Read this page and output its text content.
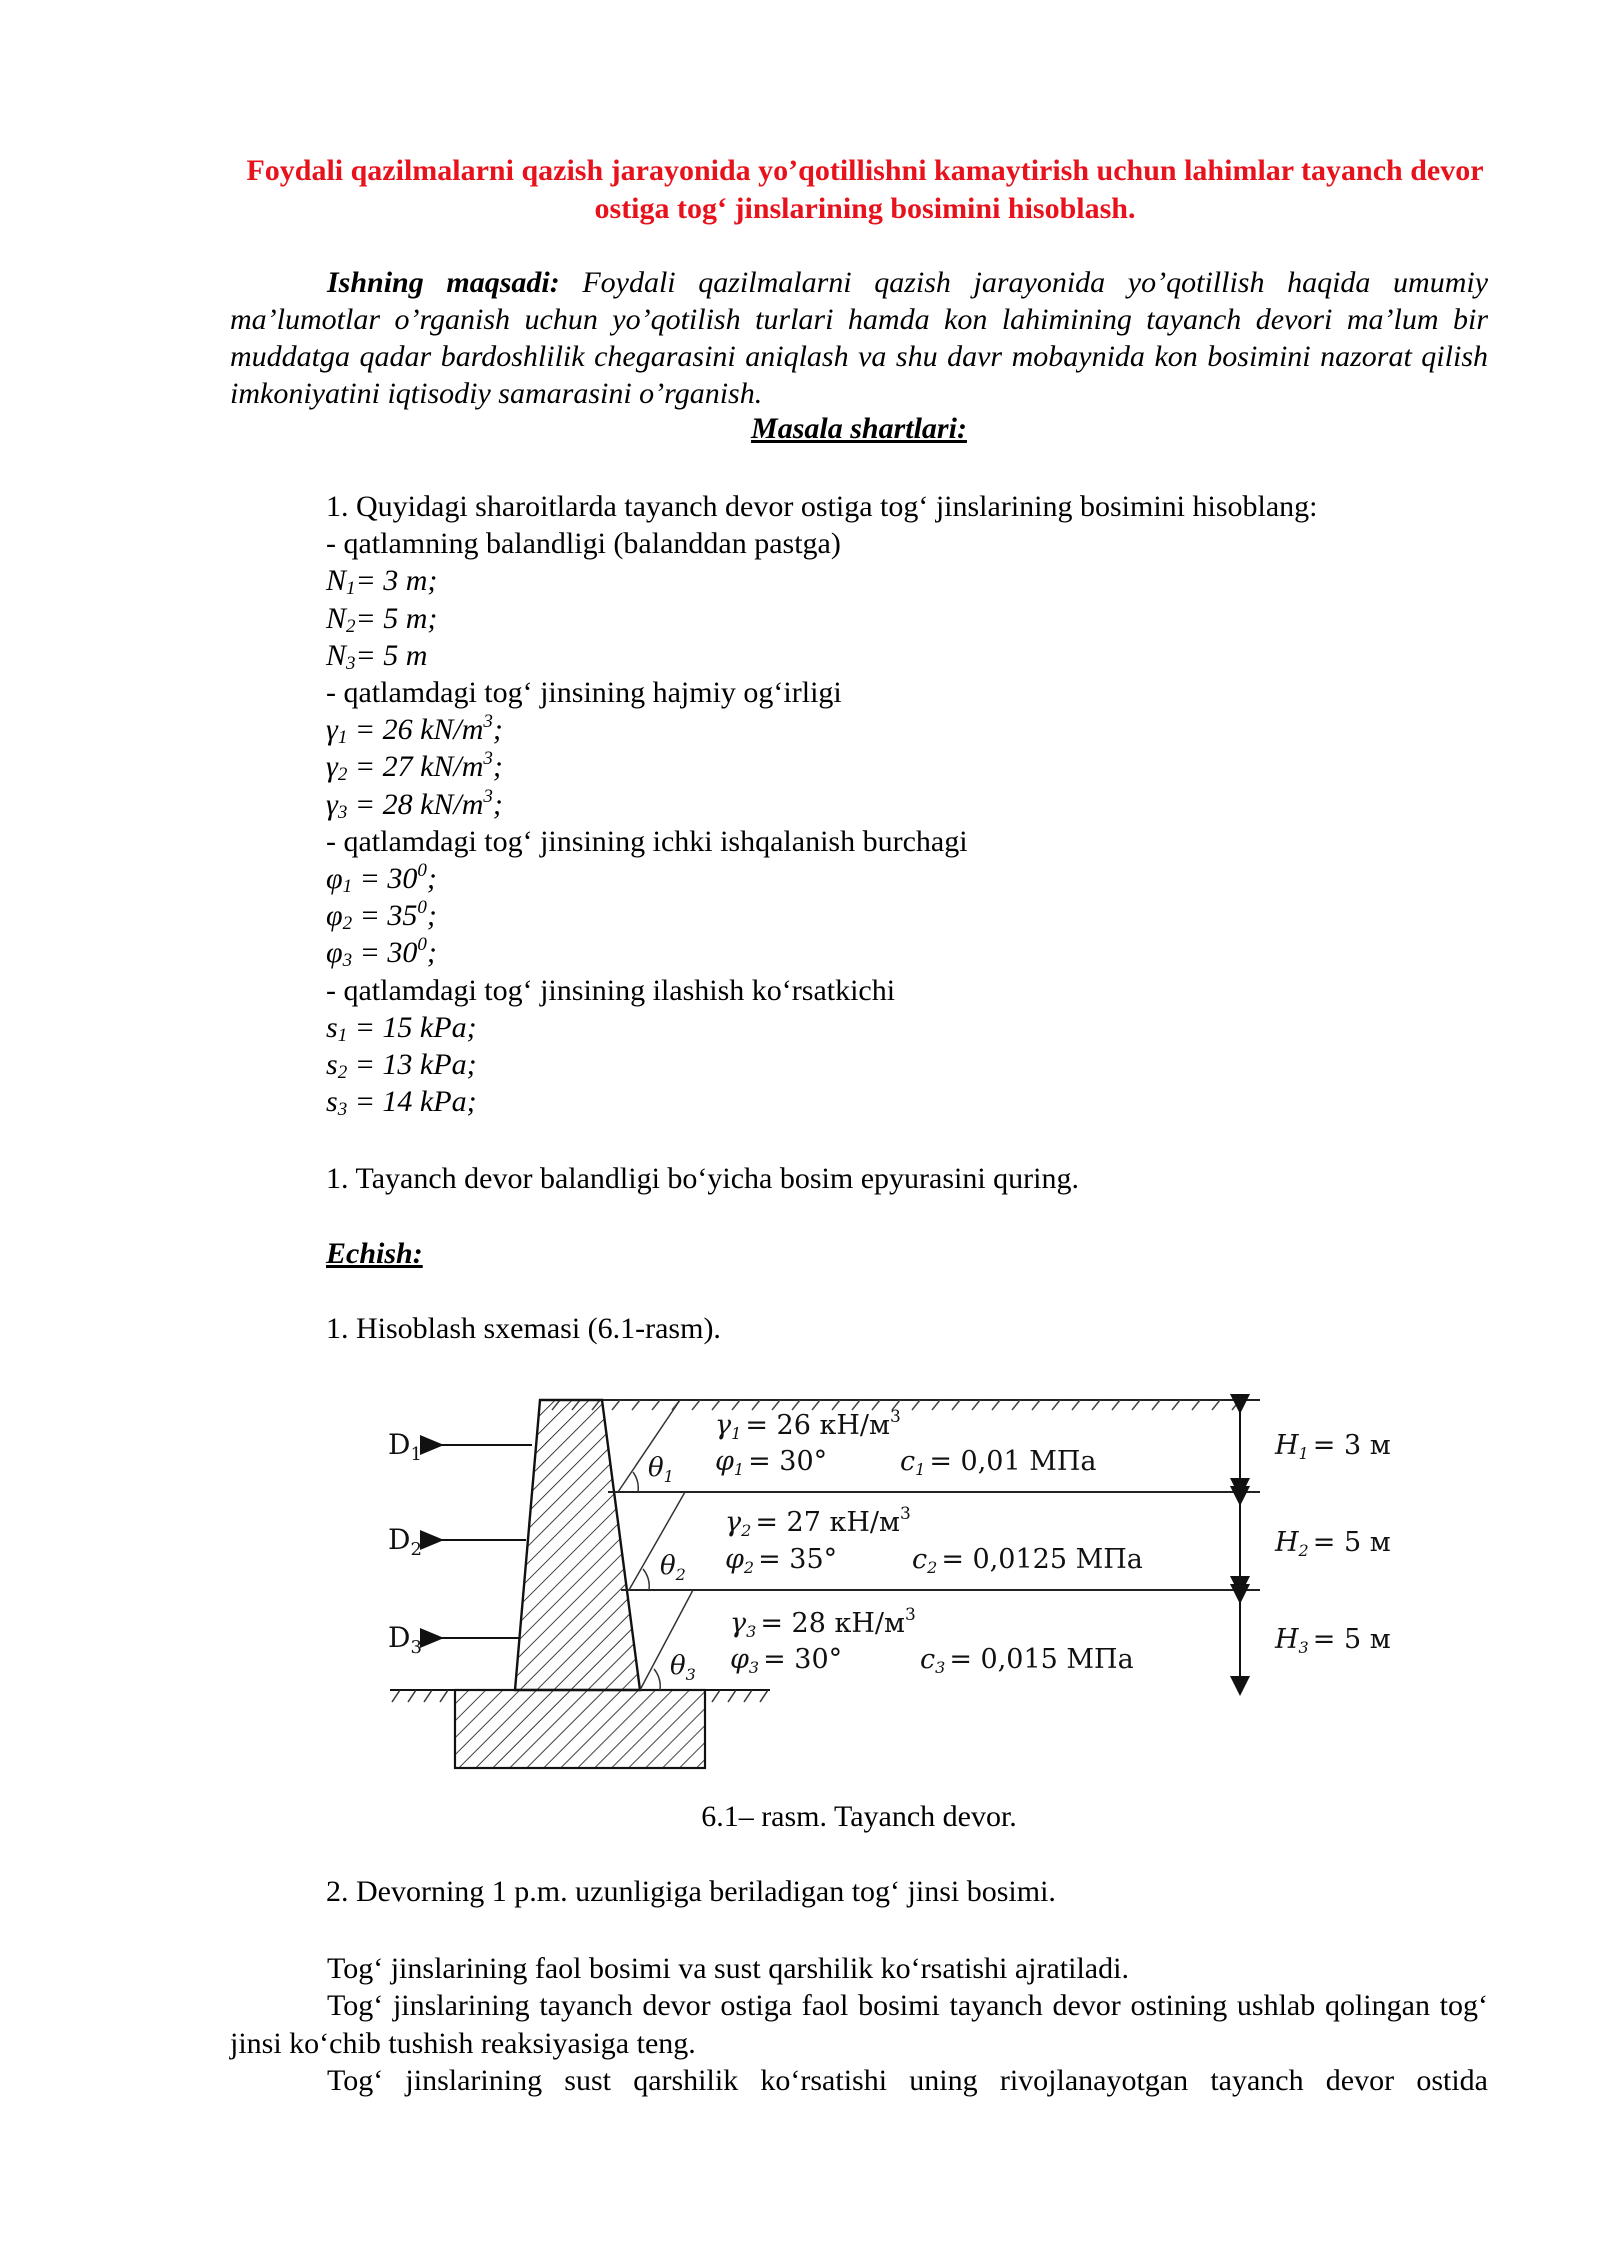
Foydali qazilmalarni qazish jarayonida yo’qotillishni kamaytirish uchun lahimlar tayanch devor ostiga tog‘ jinslarining bosimini hisoblash.
Ishning maqsadi: Foydali qazilmalarni qazish jarayonida yo’qotillish haqida umumiy ma’lumotlar o’rganish uchun yo’qotilish turlari hamda kon lahimining tayanch devori ma’lum bir muddatga qadar bardoshlilik chegarasini aniqlash va shu davr mobaynida kon bosimini nazorat qilish imkoniyatini iqtisodiy samarasini o’rganish.
Masala shartlari:
1. Quyidagi sharoitlarda tayanch devor ostiga tog‘ jinslarining bosimini hisoblang:
- qatlamning balandligi (balanddan pastga)
$N_1= 3$ m;
$N_2= 5$ m;
$N_3= 5$ m
- qatlamdagi tog‘ jinsining hajmiy og‘irligi
$\gamma_1 = 26$ $kN/m^3$;
$\gamma_2 = 27$ $kN/m^3$;
$\gamma_3 = 28$ $kN/m^3$;
- qatlamdagi tog‘ jinsining ichki ishqalanish burchagi
$\varphi_1 = 30^0$;
$\varphi_2 = 35^0$;
$\varphi_3 = 30^0$;
- qatlamdagi tog‘ jinsining ilashish ko‘rsatkichi
$s_1 = 15$ kPa;
$s_2 = 13$ kPa;
$s_3 = 14$ kPa;
1. Tayanch devor balandligi bo‘yicha bosim epyurasini quring.
Echish:
1. Hisoblash sxemasi (6.1-rasm).
$D_1$
$D_2$
$D_3$
$\theta_1$
$\theta_2$
$\theta_3$
γ1 = 26 $кН/м^3$
φ1 = 30°	c1 = 0,01 МПа
γ2 = 27 $кН/м^3$
φ2 = 35°	c2 = 0,0125 МПа
γ3 = 28 $кН/м^3$
φ3 = 30°	c3 = 0,015 МПа
H1 = 3 м
H2 = 5 м
H3 = 5 м
6.1– rasm. Tayanch devor.
2. Devorning 1 p.m. uzunligiga beriladigan tog‘ jinsi bosimi.
Tog‘ jinslarining faol bosimi va sust qarshilik ko‘rsatishi ajratiladi.
Tog‘ jinslarining tayanch devor ostiga faol bosimi tayanch devor ostining ushlab qolingan tog‘ jinsi ko‘chib tushish reaksiyasiga teng.
Tog‘ jinslarining sust qarshilik ko‘rsatishi uning rivojlanayotgan tayanch devor ostida
